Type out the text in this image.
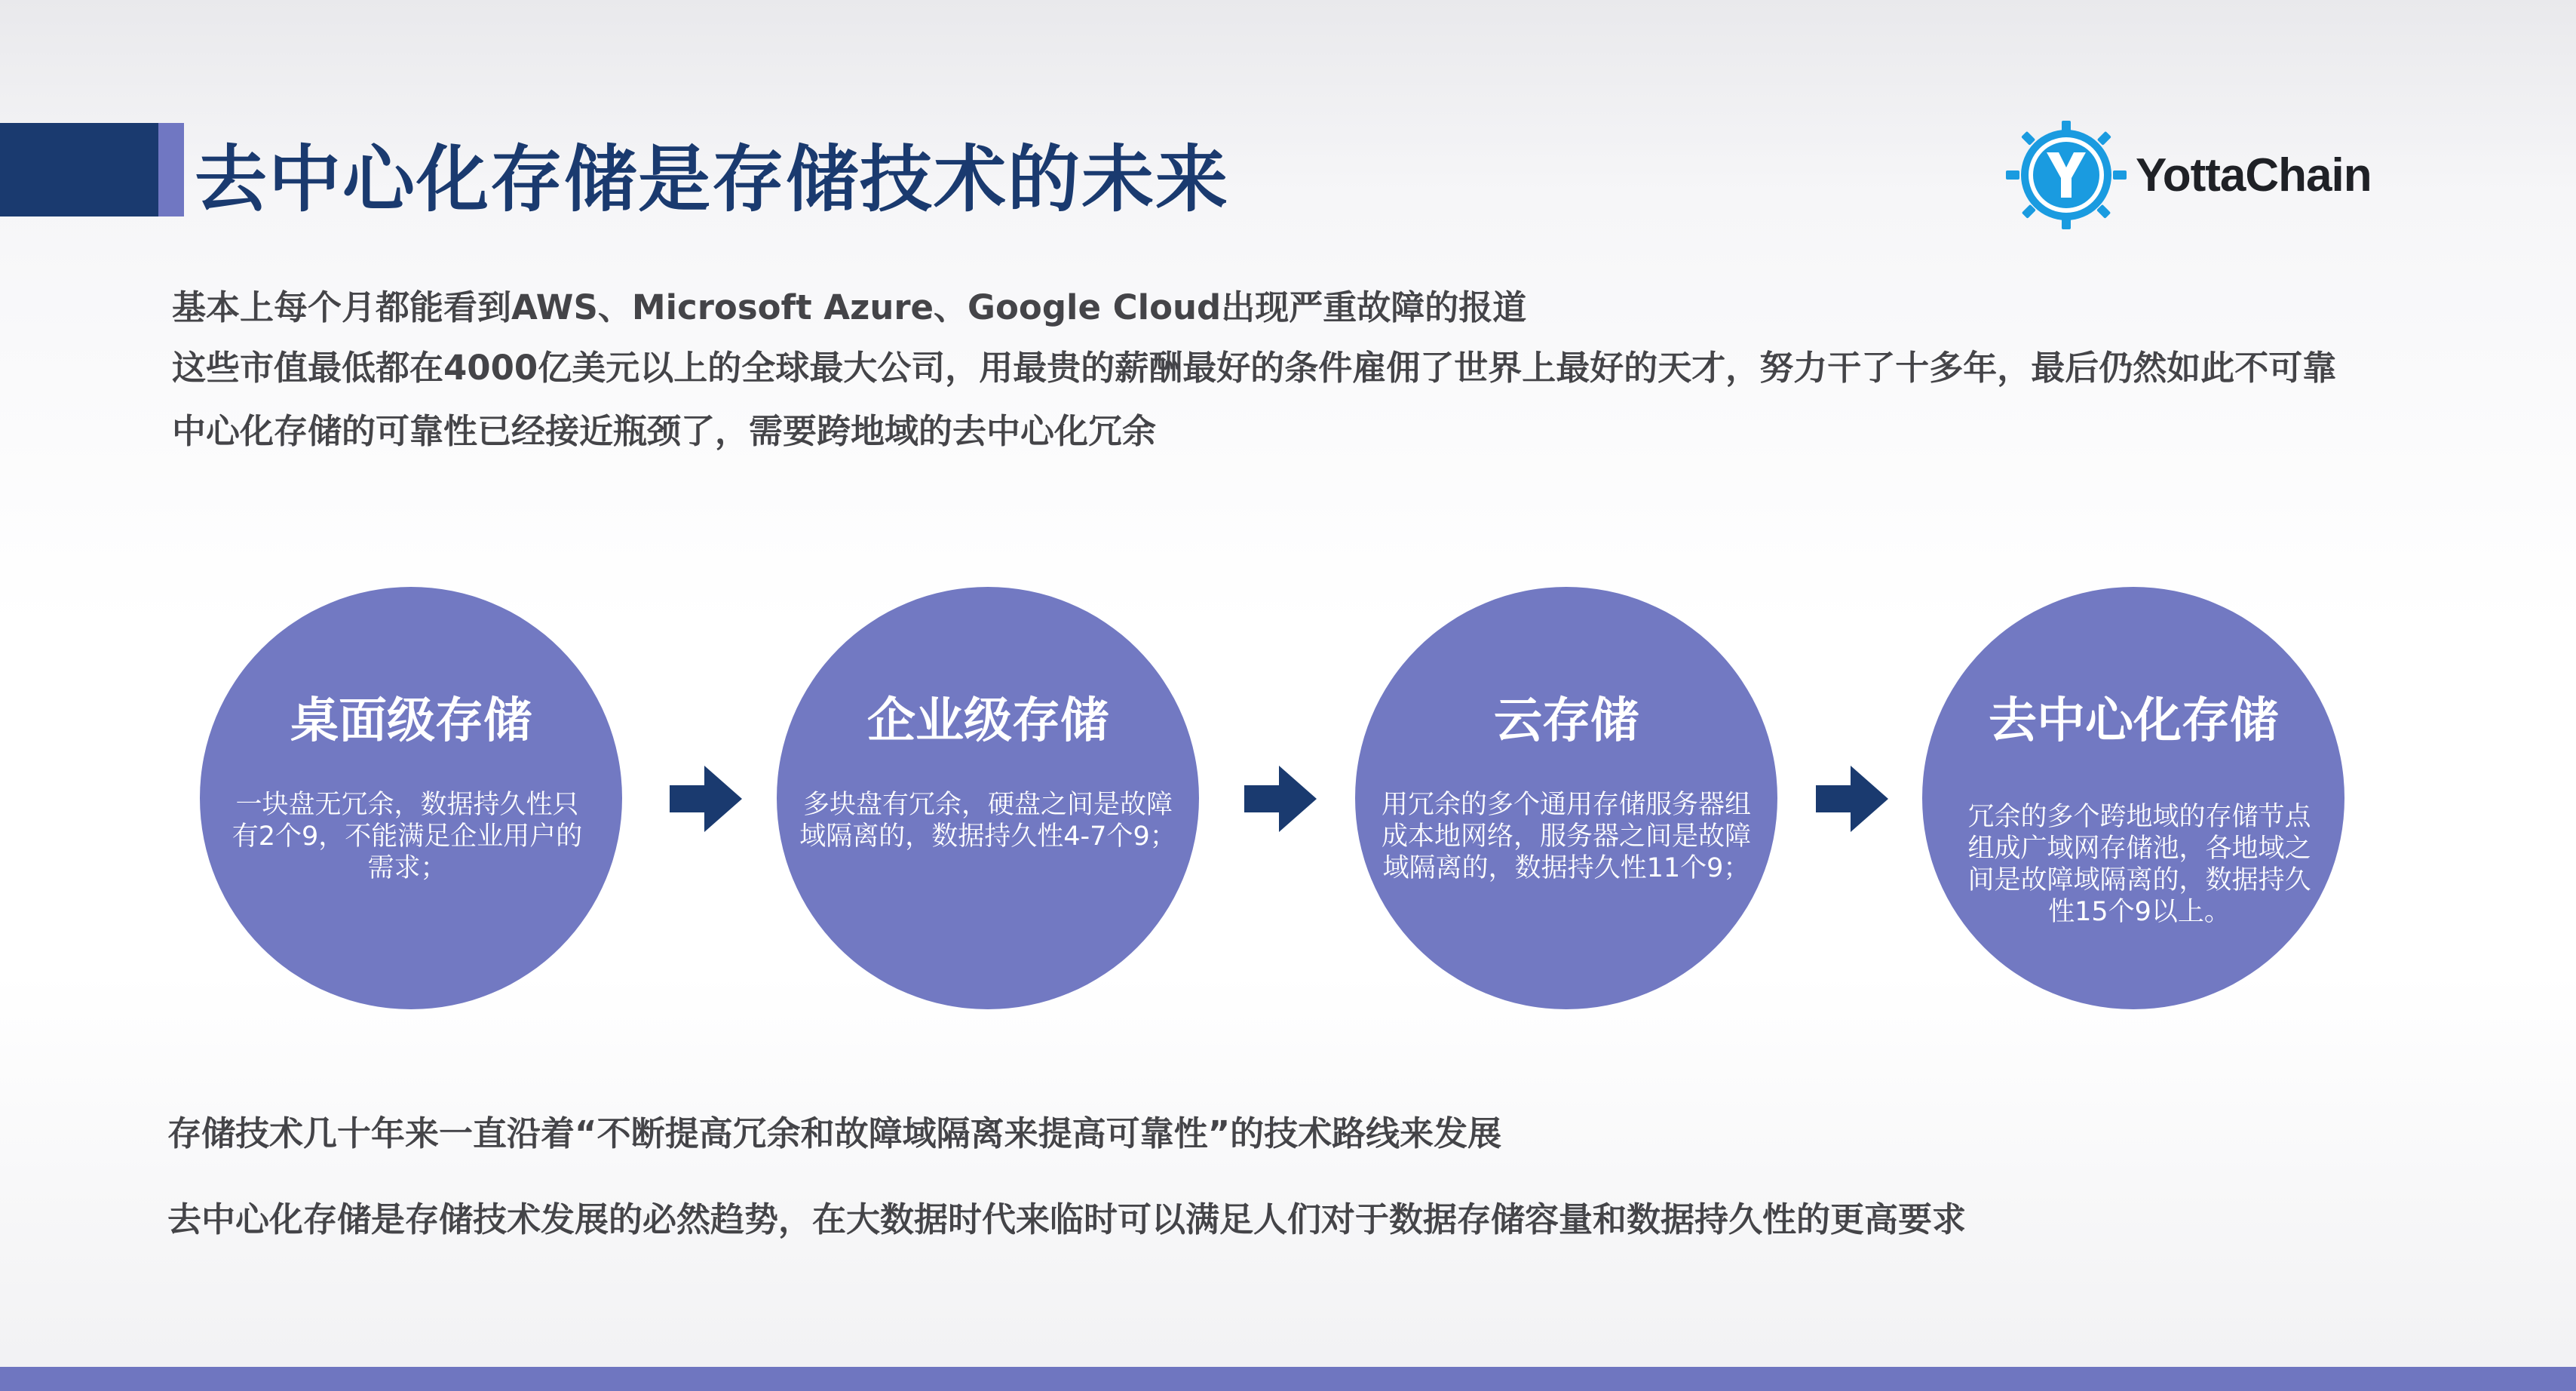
去中心化存储是存储技术的未来	YottaChain

基本上每个月都能看到AWS、Microsoft Azure、Google Cloud出现严重故障的报道

这些市值最低都在4000亿美元以上的全球最大公司，用最贵的薪酬最好的条件雇佣了世界上最好的天才，努力干了十多年，最后仍然如此不可靠

中心化存储的可靠性已经接近瓶颈了，需要跨地域的去中心化冗余

桌面级存储
一块盘无冗余，数据持久性只有2个9，不能满足企业用户的需求；
企业级存储
多块盘有冗余，硬盘之间是故障域隔离的，数据持久性4-7个9；
云存储
用冗余的多个通用存储服务器组成本地网络，服务器之间是故障域隔离的，数据持久性11个9；
去中心化存储
冗余的多个跨地域的存储节点组成广域网存储池，各地域之间是故障域隔离的，数据持久性15个9以上。

存储技术几十年来一直沿着“不断提高冗余和故障域隔离来提高可靠性”的技术路线来发展

去中心化存储是存储技术发展的必然趋势，在大数据时代来临时可以满足人们对于数据存储容量和数据持久性的更高要求
